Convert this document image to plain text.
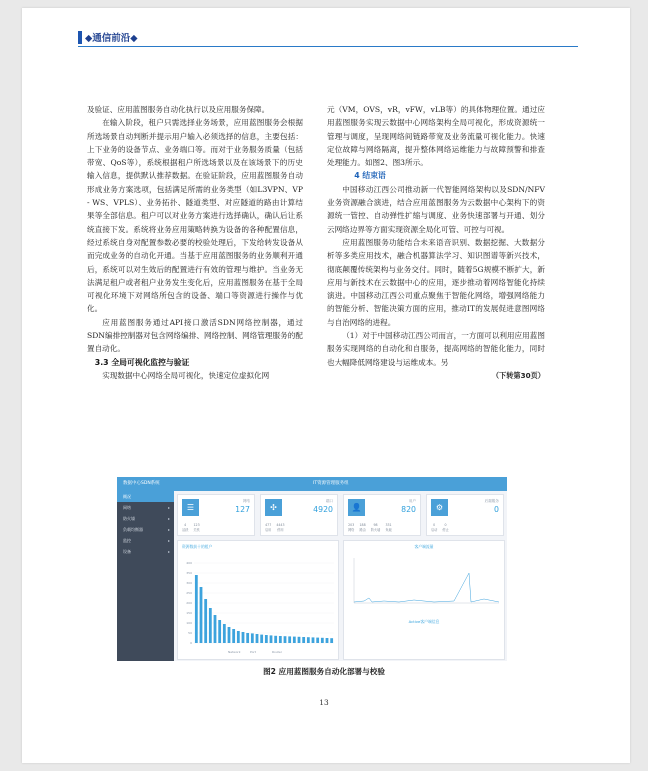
◆通信前沿◆

及验证、应用蓝图服务自动化执行以及应用服务保障。

在输入阶段，租户只需选择业务场景，应用蓝图服务会根据所选场景自动判断并提示用户输入必须选择的信息，主要包括：上下业务的设备节点、业务端口等。而对于业务服务质量（包括带宽、QoS等），系统根据租户所选场景以及在该场景下的历史输入信息，提供默认推荐数据。在验证阶段，应用蓝图服务自动形成业务方案选项，包括满足所需的业务类型（如L3VPN、VP - WS、VPLS）、业务拓扑、隧道类型、对应隧道的路由计算结果等全部信息。租户可以对业务方案进行选择确认，确认后让系统直接下发。系统将业务应用策略转换为设备的各种配置信息，经过系统自身对配置参数必要的校验处理后，下发给转发设备从而完成业务的自动化开通。当基于应用蓝图服务的业务顺利开通后，系统可以对生效后的配置进行有效的管理与维护。当业务无法满足租户或者租户业务发生变化后，应用蓝图服务在基于全局可视化环境下对网络所包含的设备、端口等资源进行操作与优化。

应用蓝图服务通过API接口激活SDN网络控制器，通过SDN编排控制器对包含网络编排、网络控制、网络管理服务的配置自动化。

3.3 全局可视化监控与验证

实现数据中心网络全局可视化，快速定位虚拟化网

元（VM，OVS，vR，vFW，vLB等）的具体物理位置。通过应用蓝图服务实现云数据中心网络架构全局可视化，形成资源统一管理与调度，呈现网络间链路带宽及业务流量可视化能力。快速定位故障与网络隔离，提升整体网络运维能力与故障预警和排查处理能力。如图2、图3所示。

4 结束语

中国移动江西公司推动新一代智能网络架构以及SDN/NFV业务资源融合演进，结合应用蓝图服务为云数据中心架构下的资源统一管控、自动弹性扩缩与调度、业务快速部署与开通、划分云网络边界等方面实现资源全局化可管、可控与可视。

应用蓝图服务功能结合未来语音识别、数据挖掘、大数据分析等多类应用技术，融合机器算法学习、知识图谱等新兴技术，彻底颠覆传统架构与业务交付。同时，随着5G规模不断扩大，新应用与新技术在云数据中心的应用，逐步推动着网络智能化持续演进。中国移动江西公司重点聚焦于智能化网络，增强网络能力的智能分析、智能决策方面的应用，推动IT的发展促进意图网络与自治网络的进程。

（1）对于中国移动江西公司而言，一方面可以利用应用蓝图服务实现网络的自动化和自服务，提高网络的智能化能力，同时也大幅降低网络建设与运维成本。另

（下转第30页）
数据中心SDN系统	IT资源管理服务组
概况
网络 ▸
防火墙 ▸
负载均衡器 ▸
监控 ▸
设备 ▸
☰
网络
127
4
活跃
123
关机
✣
端口
4920
477
启用
4443
停用
👤
用户
820
203
网络
188
路由
98
防火墙
331
负载
⚙
后端服务
0
0
启动
0
停止
资源数前十的租户
0
50
100
150
200
250
300
350
400
Network	Port	Router
客户端流量
Active客户端信息
图2 应用蓝图服务自动化部署与校验
13
